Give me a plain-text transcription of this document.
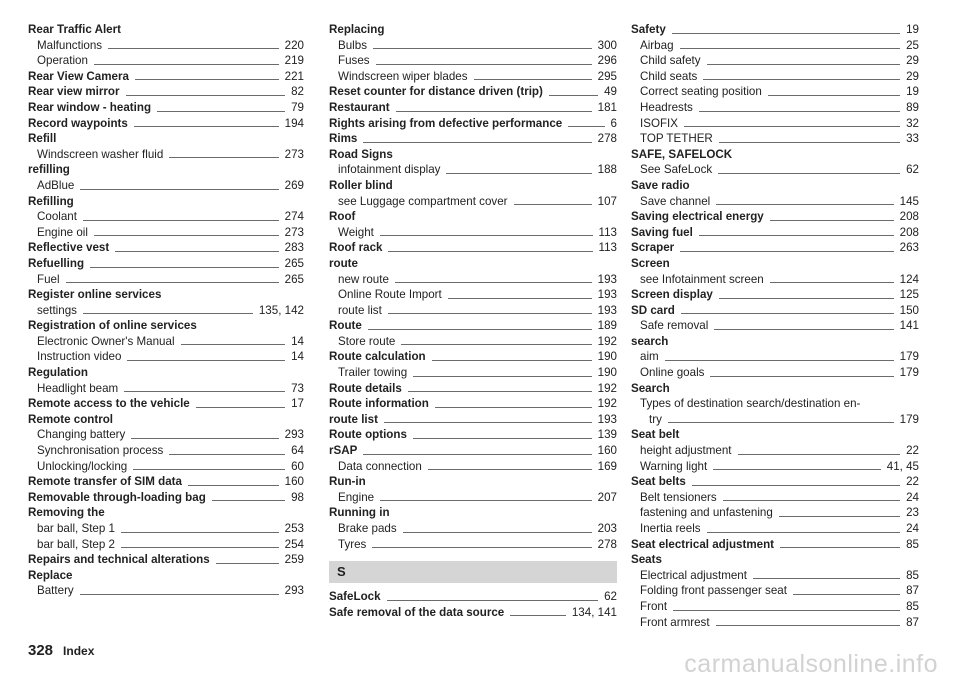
Rear Traffic Alert
Malfunctions	220
Operation	219
Rear View Camera	221
Rear view mirror	82
Rear window - heating	79
Record waypoints	194
Refill
Windscreen washer fluid	273
refilling
AdBlue	269
Refilling
Coolant	274
Engine oil	273
Reflective vest	283
Refuelling	265
Fuel	265
Register online services
settings	135, 142
Registration of online services
Electronic Owner's Manual	14
Instruction video	14
Regulation
Headlight beam	73
Remote access to the vehicle	17
Remote control
Changing battery	293
Synchronisation process	64
Unlocking/locking	60
Remote transfer of SIM data	160
Removable through-loading bag	98
Removing the
bar ball, Step 1	253
bar ball, Step 2	254
Repairs and technical alterations	259
Replace
Battery	293
Replacing
Bulbs	300
Fuses	296
Windscreen wiper blades	295
Reset counter for distance driven (trip)	49
Restaurant	181
Rights arising from defective performance	6
Rims	278
Road Signs
infotainment display	188
Roller blind
see Luggage compartment cover	107
Roof
Weight	113
Roof rack	113
route
new route	193
Online Route Import	193
route list	193
Route	189
Store route	192
Route calculation	190
Trailer towing	190
Route details	192
Route information	192
route list	193
Route options	139
rSAP	160
Data connection	169
Run-in
Engine	207
Running in
Brake pads	203
Tyres	278
S
SafeLock	62
Safe removal of the data source	134, 141
Safety	19
Airbag	25
Child safety	29
Child seats	29
Correct seating position	19
Headrests	89
ISOFIX	32
TOP TETHER	33
SAFE, SAFELOCK
See SafeLock	62
Save radio
Save channel	145
Saving electrical energy	208
Saving fuel	208
Scraper	263
Screen
see Infotainment screen	124
Screen display	125
SD card	150
Safe removal	141
search
aim	179
Online goals	179
Search
Types of destination search/destination en-
try	179
Seat belt
height adjustment	22
Warning light	41, 45
Seat belts	22
Belt tensioners	24
fastening and unfastening	23
Inertia reels	24
Seat electrical adjustment	85
Seats
Electrical adjustment	85
Folding front passenger seat	87
Front	85
Front armrest	87
328 Index	carmanualsonline.info
